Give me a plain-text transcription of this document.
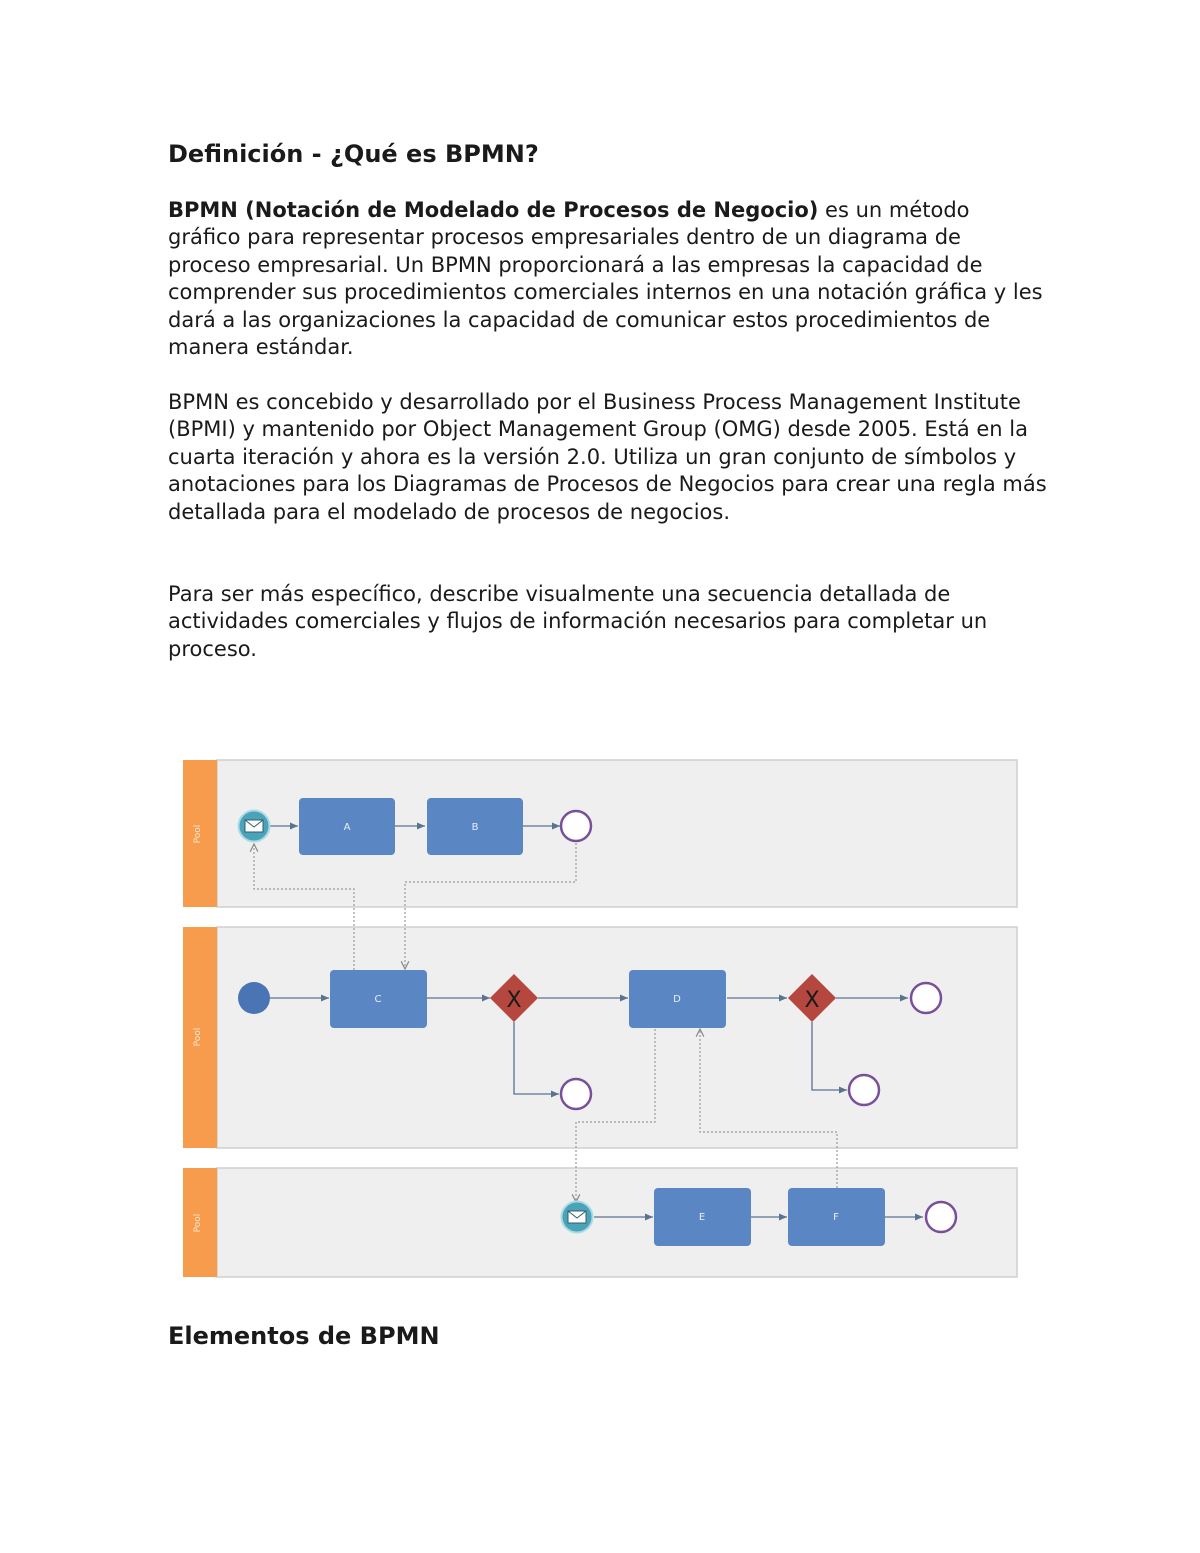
Definición - ¿Qué es BPMN?

BPMN (Notación de Modelado de Procesos de Negocio) es un método gráfico para representar procesos empresariales dentro de un diagrama de proceso empresarial. Un BPMN proporcionará a las empresas la capacidad de comprender sus procedimientos comerciales internos en una notación gráfica y les dará a las organizaciones la capacidad de comunicar estos procedimientos de manera estándar.

BPMN es concebido y desarrollado por el Business Process Management Institute (BPMI) y mantenido por Object Management Group (OMG) desde 2005. Está en la cuarta iteración y ahora es la versión 2.0. Utiliza un gran conjunto de símbolos y anotaciones para los Diagramas de Procesos de Negocios para crear una regla más detallada para el modelado de procesos de negocios.

Para ser más específico, describe visualmente una secuencia detallada de actividades comerciales y flujos de información necesarios para completar un proceso.

Pool
Pool
Pool
A	B
C	X	D	X
E	F
Elementos de BPMN
